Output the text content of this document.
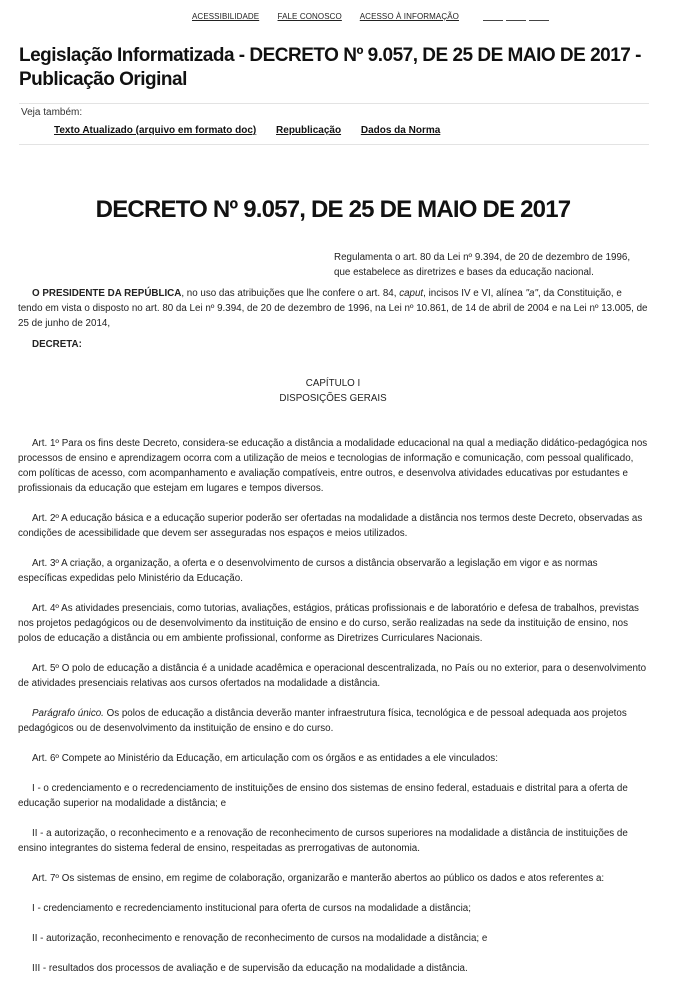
ACESSIBILIDADE FALE CONOSCO ACESSO À INFORMAÇÃO
Legislação Informatizada - DECRETO Nº 9.057, DE 25 DE MAIO DE 2017 - Publicação Original
Veja também:
Texto Atualizado (arquivo em formato doc) Republicação Dados da Norma
DECRETO Nº 9.057, DE 25 DE MAIO DE 2017
Regulamenta o art. 80 da Lei nº 9.394, de 20 de dezembro de 1996, que estabelece as diretrizes e bases da educação nacional.

O PRESIDENTE DA REPÚBLICA, no uso das atribuições que lhe confere o art. 84, caput, incisos IV e VI, alínea "a", da Constituição, e tendo em vista o disposto no art. 80 da Lei nº 9.394, de 20 de dezembro de 1996, na Lei nº 10.861, de 14 de abril de 2004 e na Lei nº 13.005, de 25 de junho de 2014,

DECRETA:

CAPÍTULO I

DISPOSIÇÕES GERAIS

Art. 1º Para os fins deste Decreto, considera-se educação a distância a modalidade educacional na qual a mediação didático-pedagógica nos processos de ensino e aprendizagem ocorra com a utilização de meios e tecnologias de informação e comunicação, com pessoal qualificado, com políticas de acesso, com acompanhamento e avaliação compatíveis, entre outros, e desenvolva atividades educativas por estudantes e profissionais da educação que estejam em lugares e tempos diversos.

Art. 2º A educação básica e a educação superior poderão ser ofertadas na modalidade a distância nos termos deste Decreto, observadas as condições de acessibilidade que devem ser asseguradas nos espaços e meios utilizados.

Art. 3º A criação, a organização, a oferta e o desenvolvimento de cursos a distância observarão a legislação em vigor e as normas específicas expedidas pelo Ministério da Educação.

Art. 4º As atividades presenciais, como tutorias, avaliações, estágios, práticas profissionais e de laboratório e defesa de trabalhos, previstas nos projetos pedagógicos ou de desenvolvimento da instituição de ensino e do curso, serão realizadas na sede da instituição de ensino, nos polos de educação a distância ou em ambiente profissional, conforme as Diretrizes Curriculares Nacionais.

Art. 5º O polo de educação a distância é a unidade acadêmica e operacional descentralizada, no País ou no exterior, para o desenvolvimento de atividades presenciais relativas aos cursos ofertados na modalidade a distância.

Parágrafo único. Os polos de educação a distância deverão manter infraestrutura física, tecnológica e de pessoal adequada aos projetos pedagógicos ou de desenvolvimento da instituição de ensino e do curso.

Art. 6º Compete ao Ministério da Educação, em articulação com os órgãos e as entidades a ele vinculados:

I - o credenciamento e o recredenciamento de instituições de ensino dos sistemas de ensino federal, estaduais e distrital para a oferta de educação superior na modalidade a distância; e

II - a autorização, o reconhecimento e a renovação de reconhecimento de cursos superiores na modalidade a distância de instituições de ensino integrantes do sistema federal de ensino, respeitadas as prerrogativas de autonomia.

Art. 7º Os sistemas de ensino, em regime de colaboração, organizarão e manterão abertos ao público os dados e atos referentes a:

I - credenciamento e recredenciamento institucional para oferta de cursos na modalidade a distância;

II - autorização, reconhecimento e renovação de reconhecimento de cursos na modalidade a distância; e

III - resultados dos processos de avaliação e de supervisão da educação na modalidade a distância.
